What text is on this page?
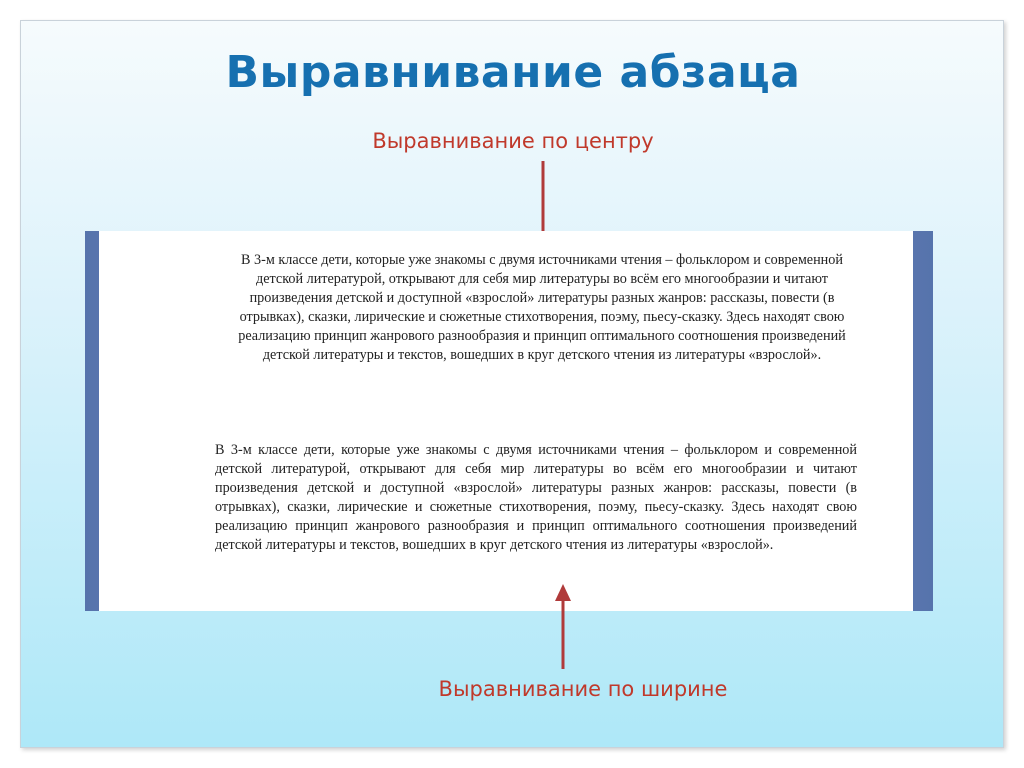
Выравнивание абзаца
Выравнивание по центру
В 3-м классе дети, которые уже знакомы с двумя источниками чтения – фольклором и современной детской литературой, открывают для себя мир литературы во всём его многообразии и читают произведения детской и доступной «взрослой» литературы разных жанров: рассказы, повести (в отрывках), сказки, лирические и сюжетные стихотворения, поэму, пьесу-сказку. Здесь находят свою реализацию принцип жанрового разнообразия и принцип оптимального соотношения произведений детской литературы и текстов, вошедших в круг детского чтения из литературы «взрослой».
В 3-м классе дети, которые уже знакомы с двумя источниками чтения – фольклором и современной детской литературой, открывают для себя мир литературы во всём его многообразии и читают произведения детской и доступной «взрослой» литературы разных жанров: рассказы, повести (в отрывках), сказки, лирические и сюжетные стихотворения, поэму, пьесу-сказку. Здесь находят свою реализацию принцип жанрового разнообразия и принцип оптимального соотношения произведений детской литературы и текстов, вошедших в круг детского чтения из литературы «взрослой».
Выравнивание по ширине
